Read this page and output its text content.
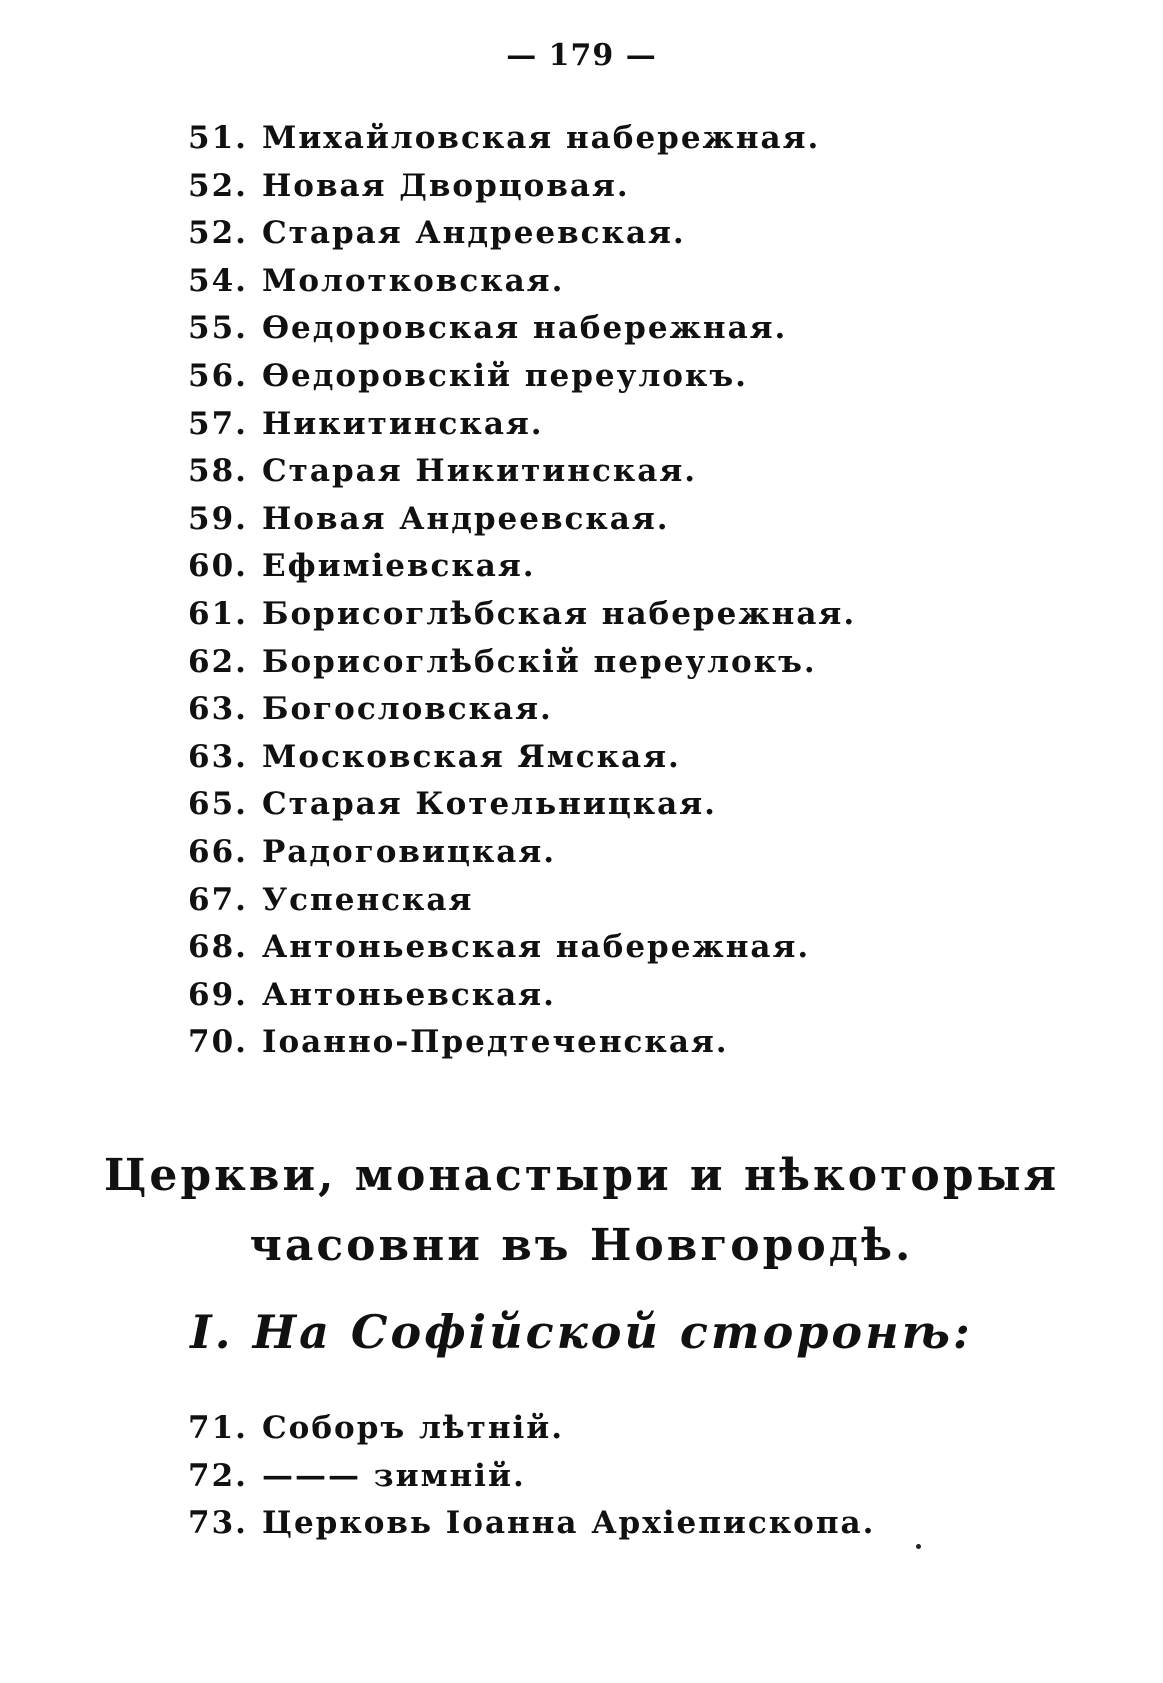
— 179 —
51. Михайловская набережная.
52. Новая Дворцовая.
52. Старая Андреевская.
54. Молотковская.
55. Ѳедоровская набережная.
56. Ѳедоровскій переулокъ.
57. Никитинская.
58. Старая Никитинская.
59. Новая Андреевская.
60. Ефиміевская.
61. Борисоглѣбская набережная.
62. Борисоглѣбскій переулокъ.
63. Богословская.
63. Московская Ямская.
65. Старая Котельницкая.
66. Радоговицкая.
67. Успенская
68. Антоньевская набережная.
69. Антоньевская.
70. Іоанно-Предтеченская.
Церкви, монастыри и нѣкоторыя
часовни въ Новгородѣ.
I. На Софійской сторонѣ:
71. Соборъ лѣтній.
72. ——— зимній.
73. Церковь Іоанна Архіепископа.
